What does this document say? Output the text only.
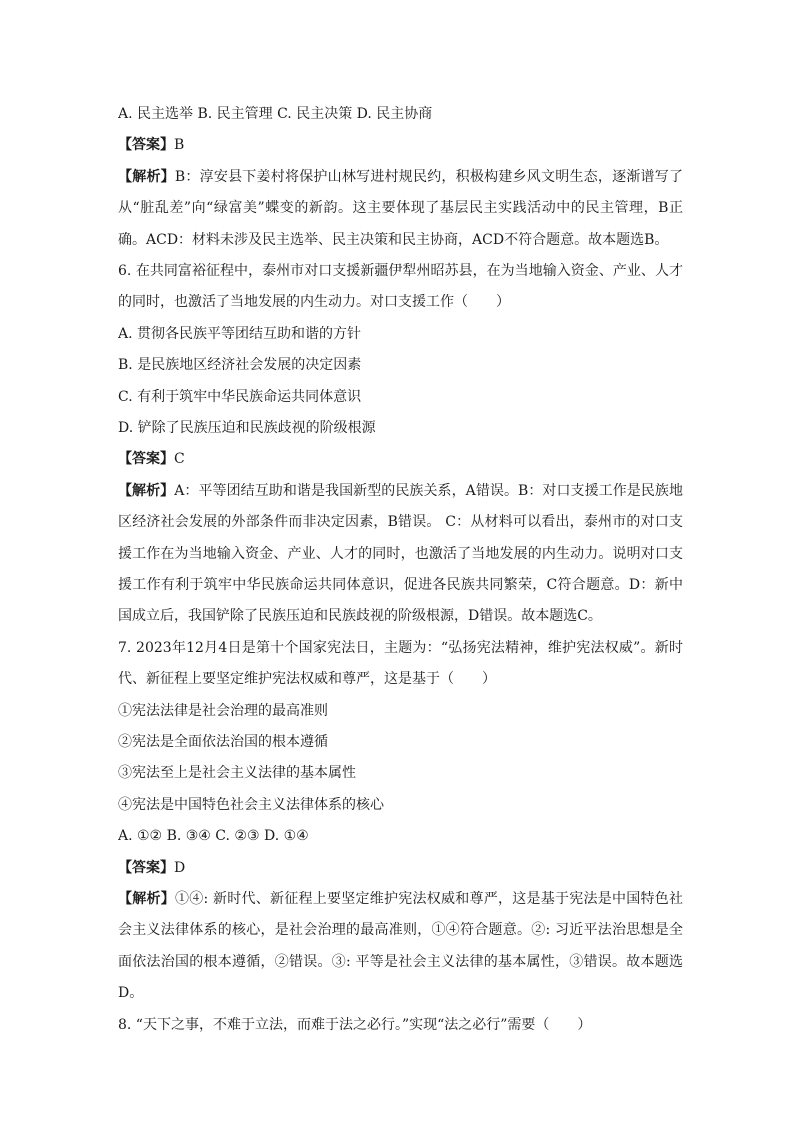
A. 民主选举 B. 民主管理 C. 民主决策 D. 民主协商
【答案】B
【解析】B：淳安县下姜村将保护山林写进村规民约，积极构建乡风文明生态，逐渐谱写了从“脏乱差”向“绿富美”蝶变的新韵。这主要体现了基层民主实践活动中的民主管理，B正确。ACD：材料未涉及民主选举、民主决策和民主协商，ACD不符合题意。故本题选B。
6. 在共同富裕征程中，泰州市对口支援新疆伊犁州昭苏县，在为当地输入资金、产业、人才的同时，也激活了当地发展的内生动力。对口支援工作（　　）
A. 贯彻各民族平等团结互助和谐的方针
B. 是民族地区经济社会发展的决定因素
C. 有利于筑牢中华民族命运共同体意识
D. 铲除了民族压迫和民族歧视的阶级根源
【答案】C
【解析】A：平等团结互助和谐是我国新型的民族关系，A错误。B：对口支援工作是民族地区经济社会发展的外部条件而非决定因素，B错误。 C：从材料可以看出，泰州市的对口支援工作在为当地输入资金、产业、人才的同时，也激活了当地发展的内生动力。说明对口支援工作有利于筑牢中华民族命运共同体意识，促进各民族共同繁荣，C符合题意。D：新中国成立后，我国铲除了民族压迫和民族歧视的阶级根源，D错误。故本题选C。
7. 2023年12月4日是第十个国家宪法日，主题为：“弘扬宪法精神，维护宪法权威”。新时代、新征程上要坚定维护宪法权威和尊严，这是基于（　　）
①宪法法律是社会治理的最高准则
②宪法是全面依法治国的根本遵循
③宪法至上是社会主义法律的基本属性
④宪法是中国特色社会主义法律体系的核心
A. ①② B. ③④ C. ②③ D. ①④
【答案】D
【解析】①④: 新时代、新征程上要坚定维护宪法权威和尊严，这是基于宪法是中国特色社会主义法律体系的核心，是社会治理的最高准则，①④符合题意。②: 习近平法治思想是全面依法治国的根本遵循，②错误。③: 平等是社会主义法律的基本属性，③错误。故本题选D。
8. “天下之事，不难于立法，而难于法之必行。”实现“法之必行”需要（　　）
